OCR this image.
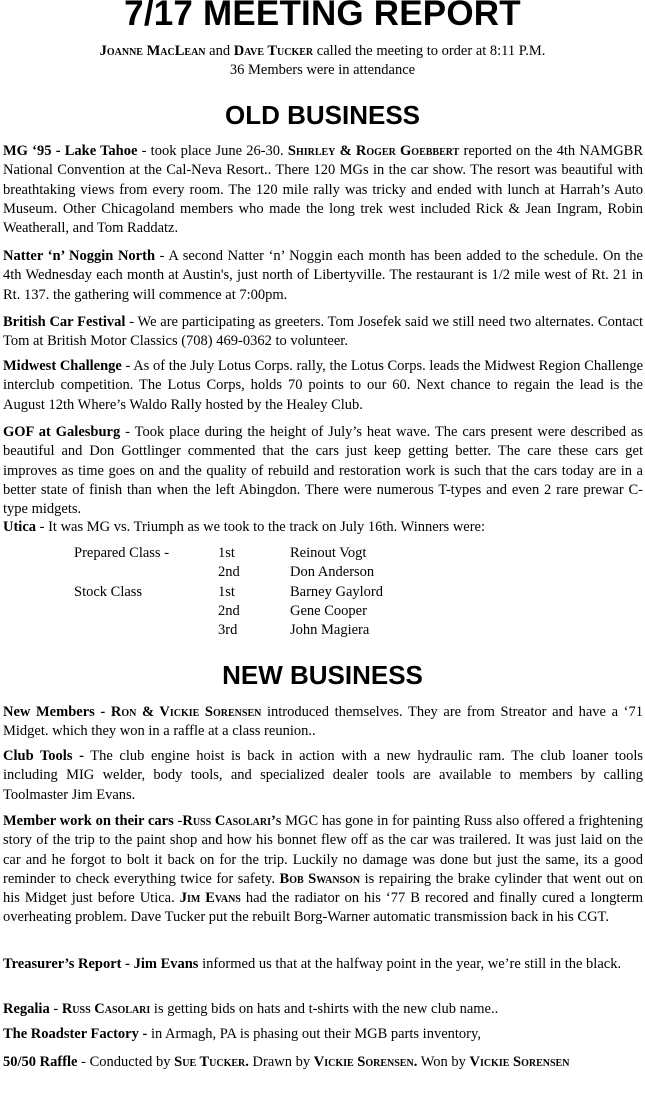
7/17 MEETING REPORT
Joanne MacLean and Dave Tucker called the meeting to order at 8:11 P.M.
36 Members were in attendance
OLD BUSINESS
MG ‘95 - Lake Tahoe - took place June 26-30. Shirley & Roger Goebbert reported on the 4th NAMGBR National Convention at the Cal-Neva Resort.. There 120 MGs in the car show. The resort was beautiful with breathtaking views from every room. The 120 mile rally was tricky and ended with lunch at Harrah’s Auto Museum. Other Chicagoland members who made the long trek west included Rick & Jean Ingram, Robin Weatherall, and Tom Raddatz.
Natter ‘n’ Noggin North - A second Natter ‘n’ Noggin each month has been added to the schedule. On the 4th Wednesday each month at Austin's, just north of Libertyville. The restaurant is 1/2 mile west of Rt. 21 in Rt. 137. the gathering will commence at 7:00pm.
British Car Festival - We are participating as greeters. Tom Josefek said we still need two alternates. Contact Tom at British Motor Classics (708) 469-0362 to volunteer.
Midwest Challenge - As of the July Lotus Corps. rally, the Lotus Corps. leads the Midwest Region Challenge interclub competition. The Lotus Corps, holds 70 points to our 60. Next chance to regain the lead is the August 12th Where’s Waldo Rally hosted by the Healey Club.
GOF at Galesburg - Took place during the height of July’s heat wave. The cars present were described as beautiful and Don Gottlinger commented that the cars just keep getting better. The care these cars get improves as time goes on and the quality of rebuild and restoration work is such that the cars today are in a better state of finish than when the left Abingdon. There were numerous T-types and even 2 rare prewar C-type midgets.
Utica - It was MG vs. Triumph as we took to the track on July 16th. Winners were:
Prepared Class -	1st	Reinout Vogt
2nd	Don Anderson
Stock Class	1st	Barney Gaylord
2nd	Gene Cooper
3rd	John Magiera
NEW BUSINESS
New Members - Ron & Vickie Sorensen introduced themselves. They are from Streator and have a ‘71 Midget. which they won in a raffle at a class reunion..
Club Tools - The club engine hoist is back in action with a new hydraulic ram. The club loaner tools including MIG welder, body tools, and specialized dealer tools are available to members by calling Toolmaster Jim Evans.
Member work on their cars -Russ Casolari’s MGC has gone in for painting Russ also offered a frightening story of the trip to the paint shop and how his bonnet flew off as the car was trailered. It was just laid on the car and he forgot to bolt it back on for the trip. Luckily no damage was done but just the same, its a good reminder to check everything twice for safety. Bob Swanson is repairing the brake cylinder that went out on his Midget just before Utica. Jim Evans had the radiator on his ‘77 B recored and finally cured a longterm overheating problem. Dave Tucker put the rebuilt Borg-Warner automatic transmission back in his CGT.
Treasurer’s Report - Jim Evans informed us that at the halfway point in the year, we’re still in the black.
Regalia - Russ Casolari is getting bids on hats and t-shirts with the new club name..
The Roadster Factory - in Armagh, PA is phasing out their MGB parts inventory,
50/50 Raffle - Conducted by Sue Tucker. Drawn by Vickie Sorensen. Won by Vickie Sorensen
